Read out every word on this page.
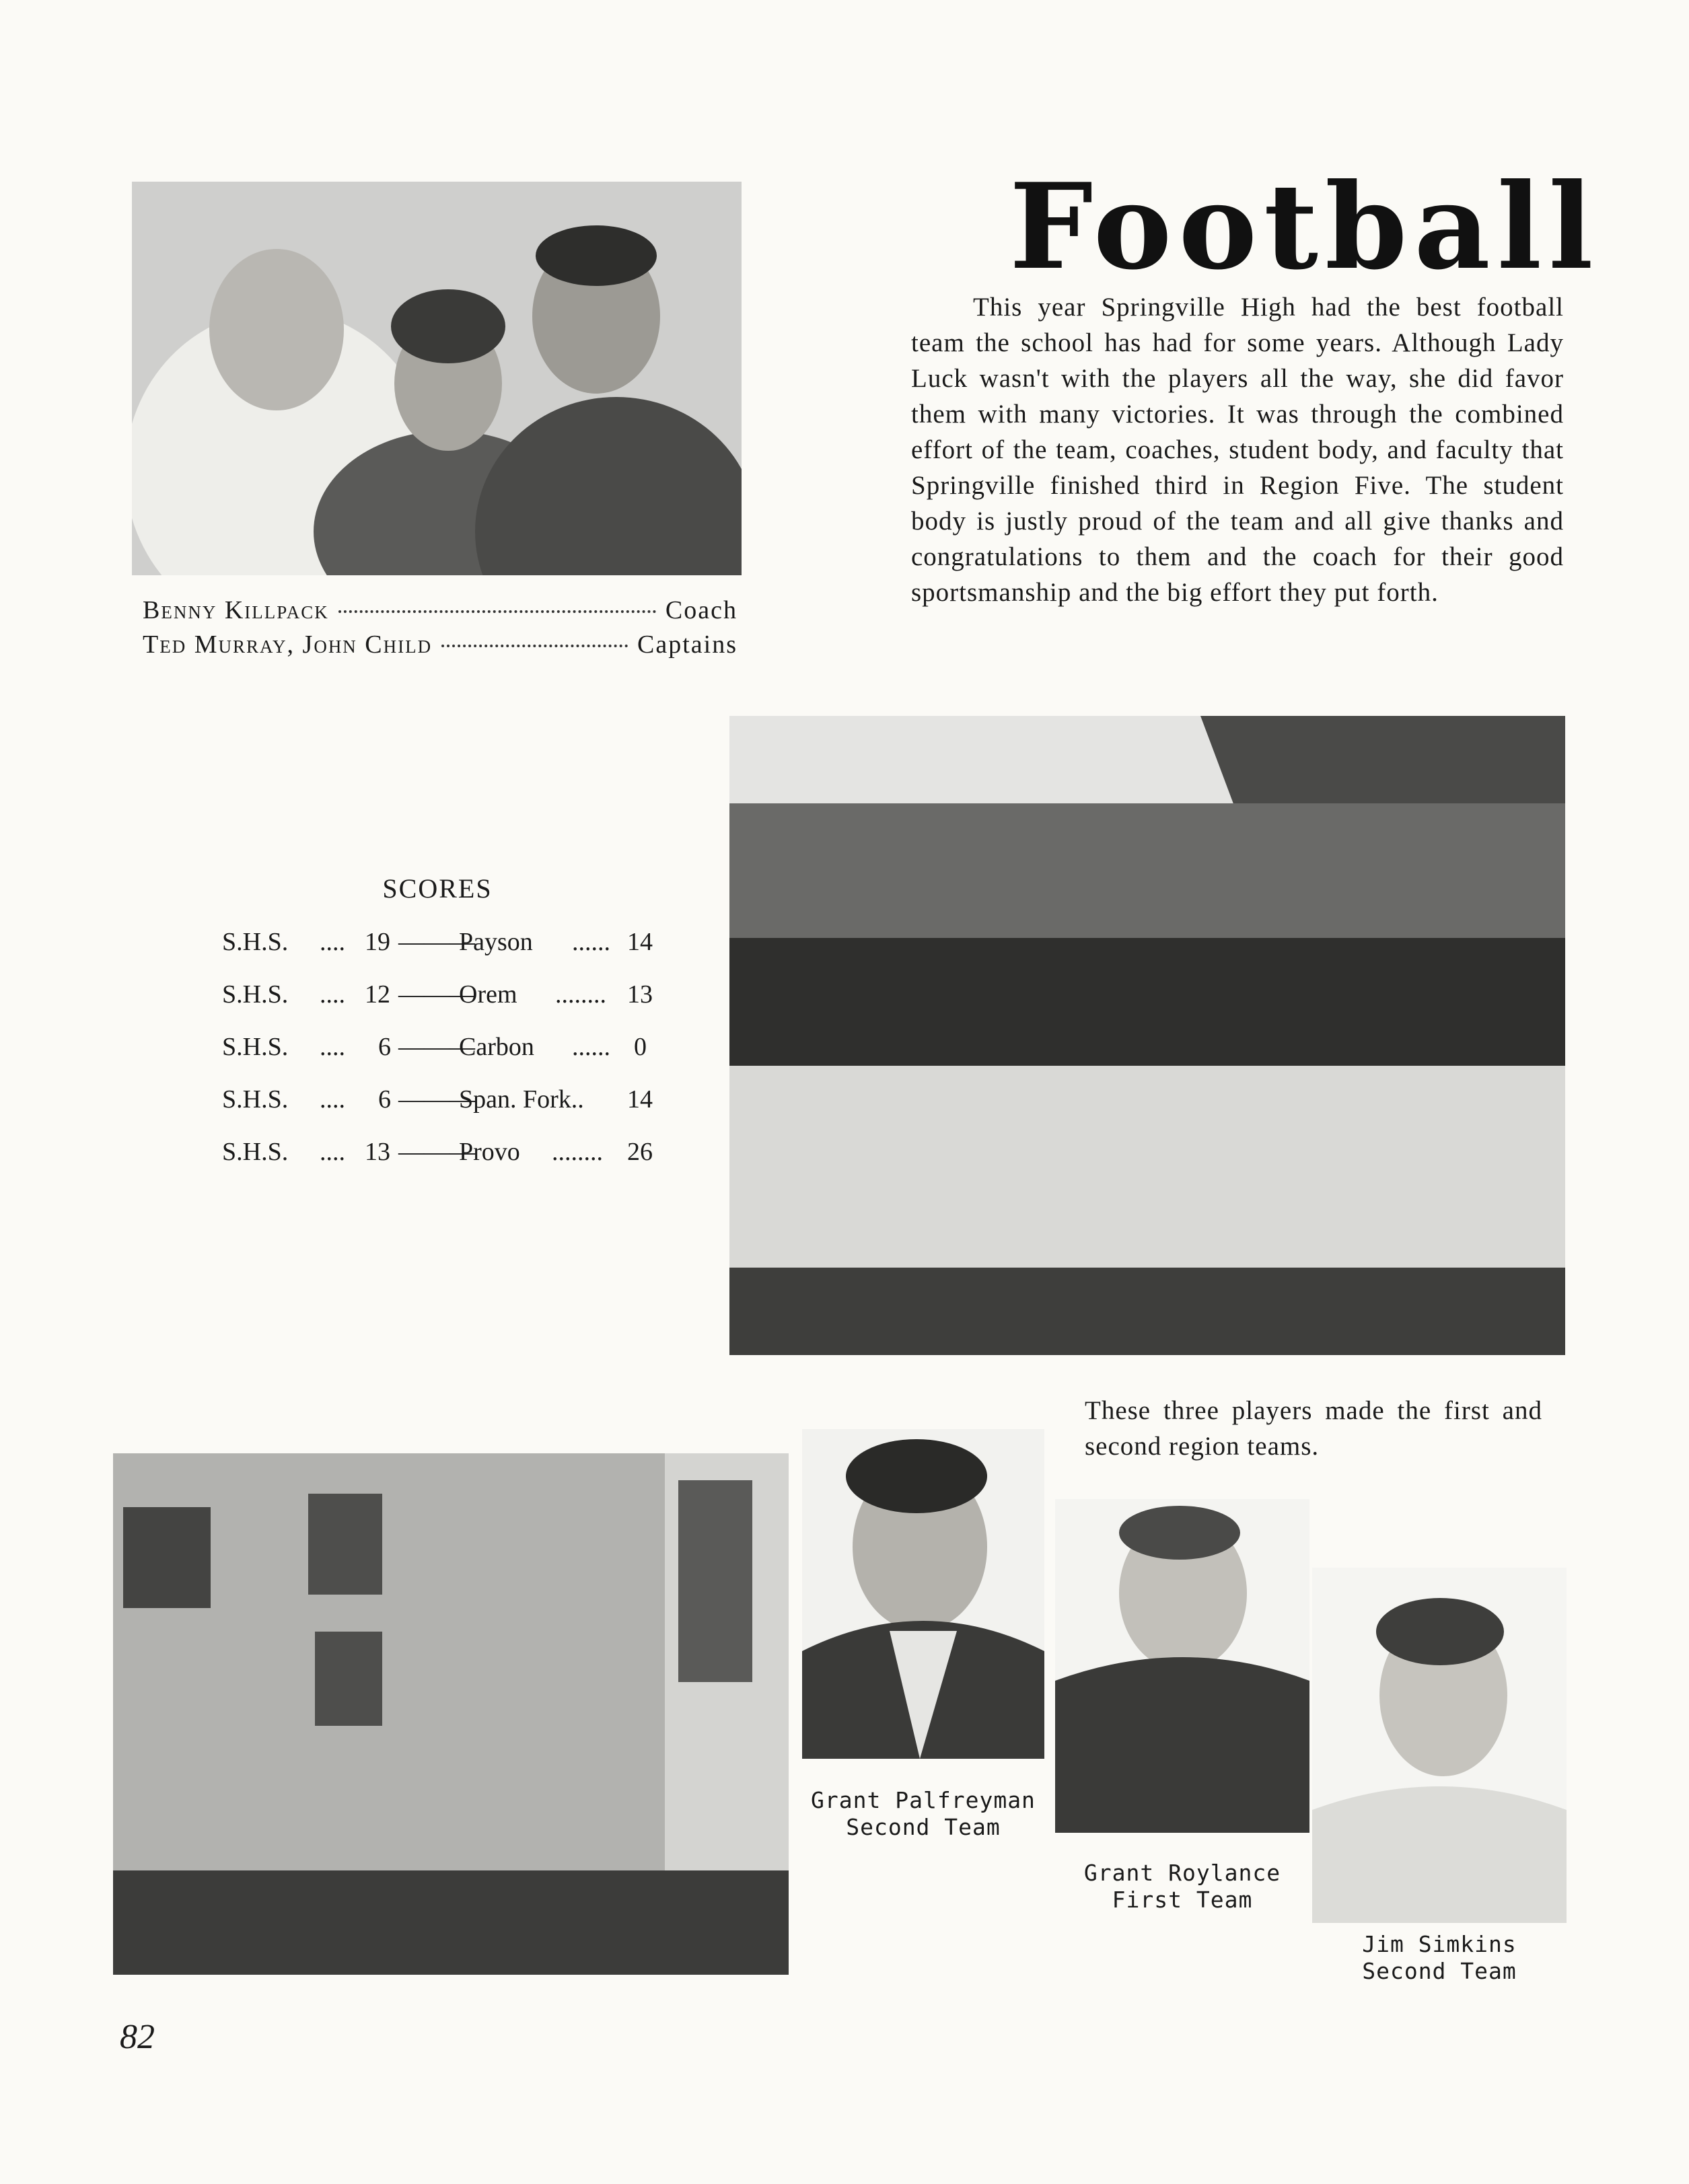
Football
This year Springville High had the best football team the school has had for some years. Although Lady Luck wasn't with the players all the way, she did favor them with many victories. It was through the combined effort of the team, coaches, student body, and faculty that Springville finished third in Region Five. The student body is justly proud of the team and all give thanks and congratulations to them and the coach for their good sportsmanship and the big effort they put forth.
Benny Killpack	Coach
Ted Murray, John Child	Captains
SCORES
S.H.S. .... 19 ———
Payson ...... 14
S.H.S. .... 12 ———
Orem ........ 13
S.H.S. .... 6 ———
Carbon ...... 0
S.H.S. .... 6 ———
Span. Fork.. 14
S.H.S. .... 13 ———
Provo ........ 26
These three players made the first and second region teams.
Grant Palfreyman
Second Team
Grant Roylance
First Team
Jim Simkins
Second Team
82
